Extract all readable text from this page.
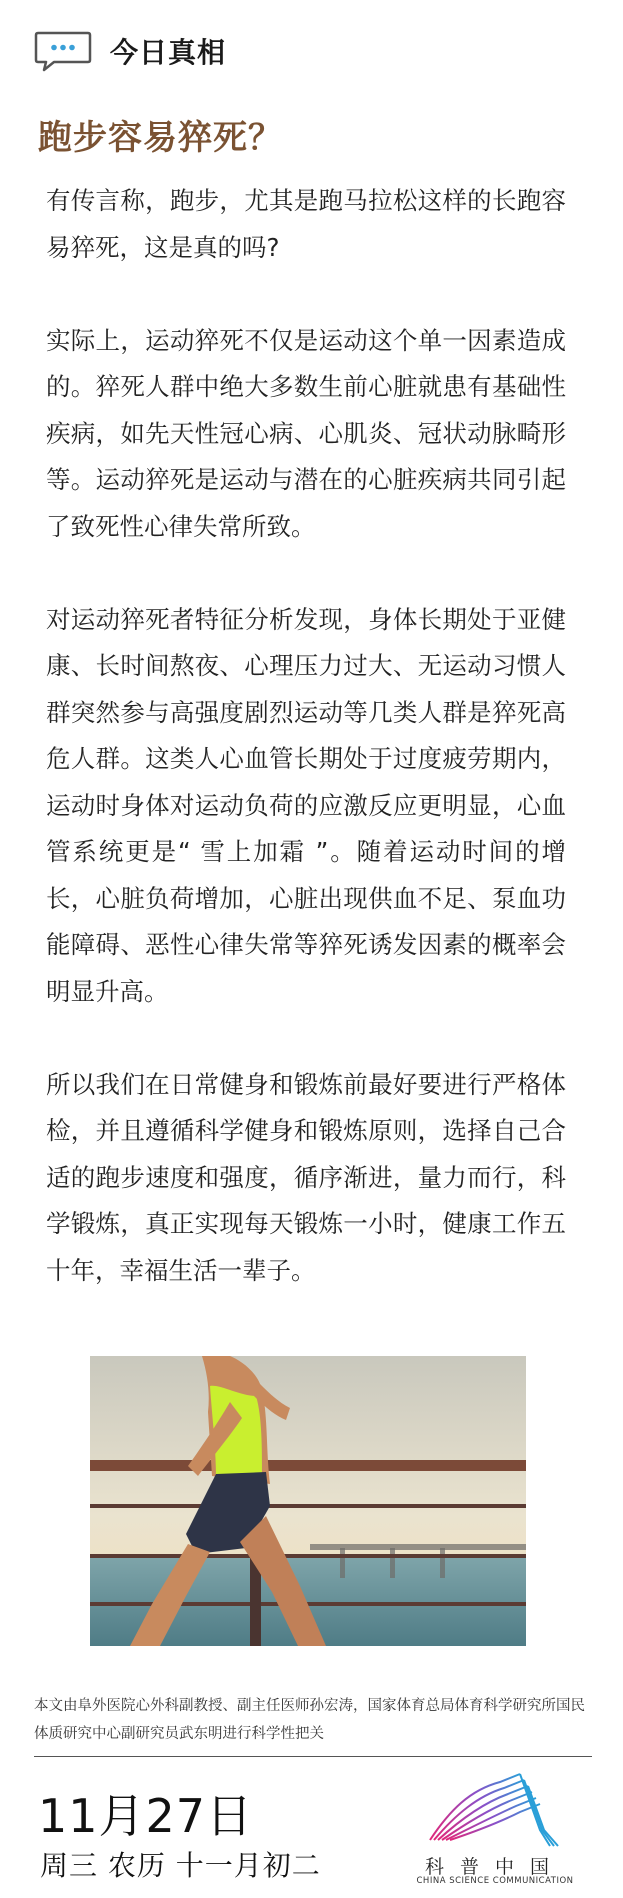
今日真相
跑步容易猝死？

有传言称，跑步，尤其是跑马拉松这样的长跑容易猝死，这是真的吗?

实际上，运动猝死不仅是运动这个单一因素造成的。猝死人群中绝大多数生前心脏就患有基础性疾病，如先天性冠心病、心肌炎、冠状动脉畸形等。运动猝死是运动与潜在的心脏疾病共同引起了致死性心律失常所致。

对运动猝死者特征分析发现，身体长期处于亚健康、长时间熬夜、心理压力过大、无运动习惯人群突然参与高强度剧烈运动等几类人群是猝死高危人群。这类人心血管长期处于过度疲劳期内，运动时身体对运动负荷的应激反应更明显，心血管系统更是“ 雪上加霜 ”。随着运动时间的增长，心脏负荷增加，心脏出现供血不足、泵血功能障碍、恶性心律失常等猝死诱发因素的概率会明显升高。

所以我们在日常健身和锻炼前最好要进行严格体检，并且遵循科学健身和锻炼原则，选择自己合适的跑步速度和强度，循序渐进，量力而行，科学锻炼，真正实现每天锻炼一小时，健康工作五十年，幸福生活一辈子。

本文由阜外医院心外科副教授、副主任医师孙宏涛，国家体育总局体育科学研究所国民体质研究中心副研究员武东明进行科学性把关
11月27日
周三 农历 十一月初二	科普中国
CHINA SCIENCE COMMUNICATION
